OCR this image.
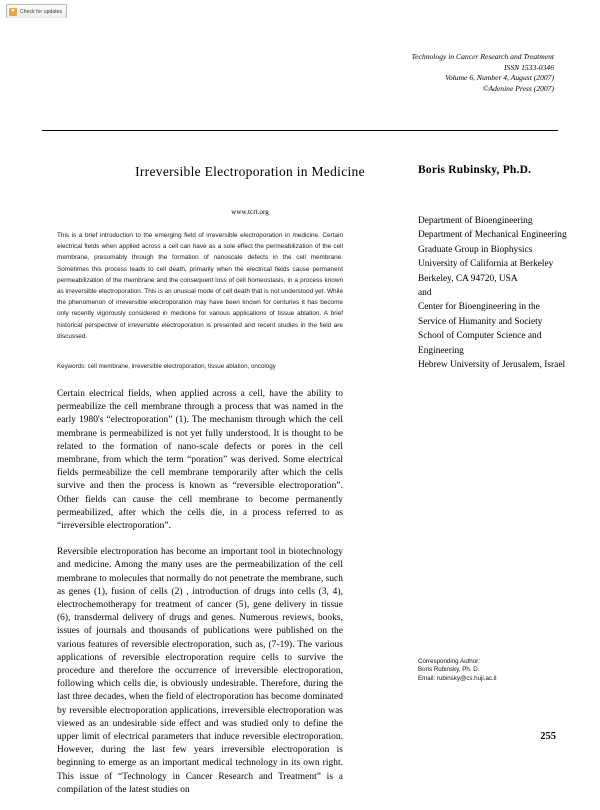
Check for updates
Technology in Cancer Research and Treatment
ISSN 1533-0346
Volume 6, Number 4, August (2007)
©Adenine Press (2007)
Irreversible Electroporation in Medicine	Boris Rubinsky, Ph.D.
www.tcrt.org
Department of Bioengineering
Department of Mechanical Engineering
Graduate Group in Biophysics
University of California at Berkeley
Berkeley, CA 94720, USA
and
Center for Bioengineering in the
Service of Humanity and Society
School of Computer Science and
Engineering
Hebrew University of Jerusalem, Israel
This is a brief introduction to the emerging field of irreversible electroporation in medicine. Certain electrical fields when applied across a cell can have as a sole effect the permeabilization of the cell membrane, presumably through the formation of nanoscale defects in the cell membrane. Sometimes this process leads to cell death, primarily when the electrical fields cause permanent permeabilization of the membrane and the consequent loss of cell homeostasis, in a process known as irreversible electroporation. This is an unusual mode of cell death that is not understood yet. While the phenomenon of irreversible electroporation may have been known for centuries it has become only recently vigorously considered in medicine for various applications of tissue ablation. A brief historical perspective of irreversible electroporation is presented and recent studies in the field are discussed.
Keywords: cell membrane, irreversible electroporation, tissue ablation, oncology

Certain electrical fields, when applied across a cell, have the ability to permeabilize the cell membrane through a process that was named in the early 1980's “electroporation” (1). The mechanism through which the cell membrane is permeabilized is not yet fully understood. It is thought to be related to the formation of nano-scale defects or pores in the cell membrane, from which the term “poration” was derived. Some electrical fields permeabilize the cell membrane temporarily after which the cells survive and then the process is known as “reversible electroporation”. Other fields can cause the cell membrane to become permanently permeabilized, after which the cells die, in a process referred to as “irreversible electroporation”.

Reversible electroporation has become an important tool in biotechnology and medicine. Among the many uses are the permeabilization of the cell membrane to molecules that normally do not penetrate the membrane, such as genes (1), fusion of cells (2) , introduction of drugs into cells (3, 4), electrochemotherapy for treatment of cancer (5), gene delivery in tissue (6), transdermal delivery of drugs and genes. Numerous reviews, books, issues of journals and thousands of publications were published on the various features of reversible electroporation, such as, (7-19). The various applications of reversible electroporation require cells to survive the procedure and therefore the occurrence of irreversible electroporation, following which cells die, is obviously undesirable. Therefore, during the last three decades, when the field of electroporation has become dominated by reversible electroporation applications, irreversible electroporation was viewed as an undesirable side effect and was studied only to define the upper limit of electrical parameters that induce reversible electroporation. However, during the last few years irreversible electroporation is beginning to emerge as an important medical technology in its own right. This issue of “Technology in Cancer Research and Treatment” is a compilation of the latest studies on

Corresponding Author:
Boris Rubinsky, Ph. D.
Email: rubinsky@cs.huji.ac.il
255
